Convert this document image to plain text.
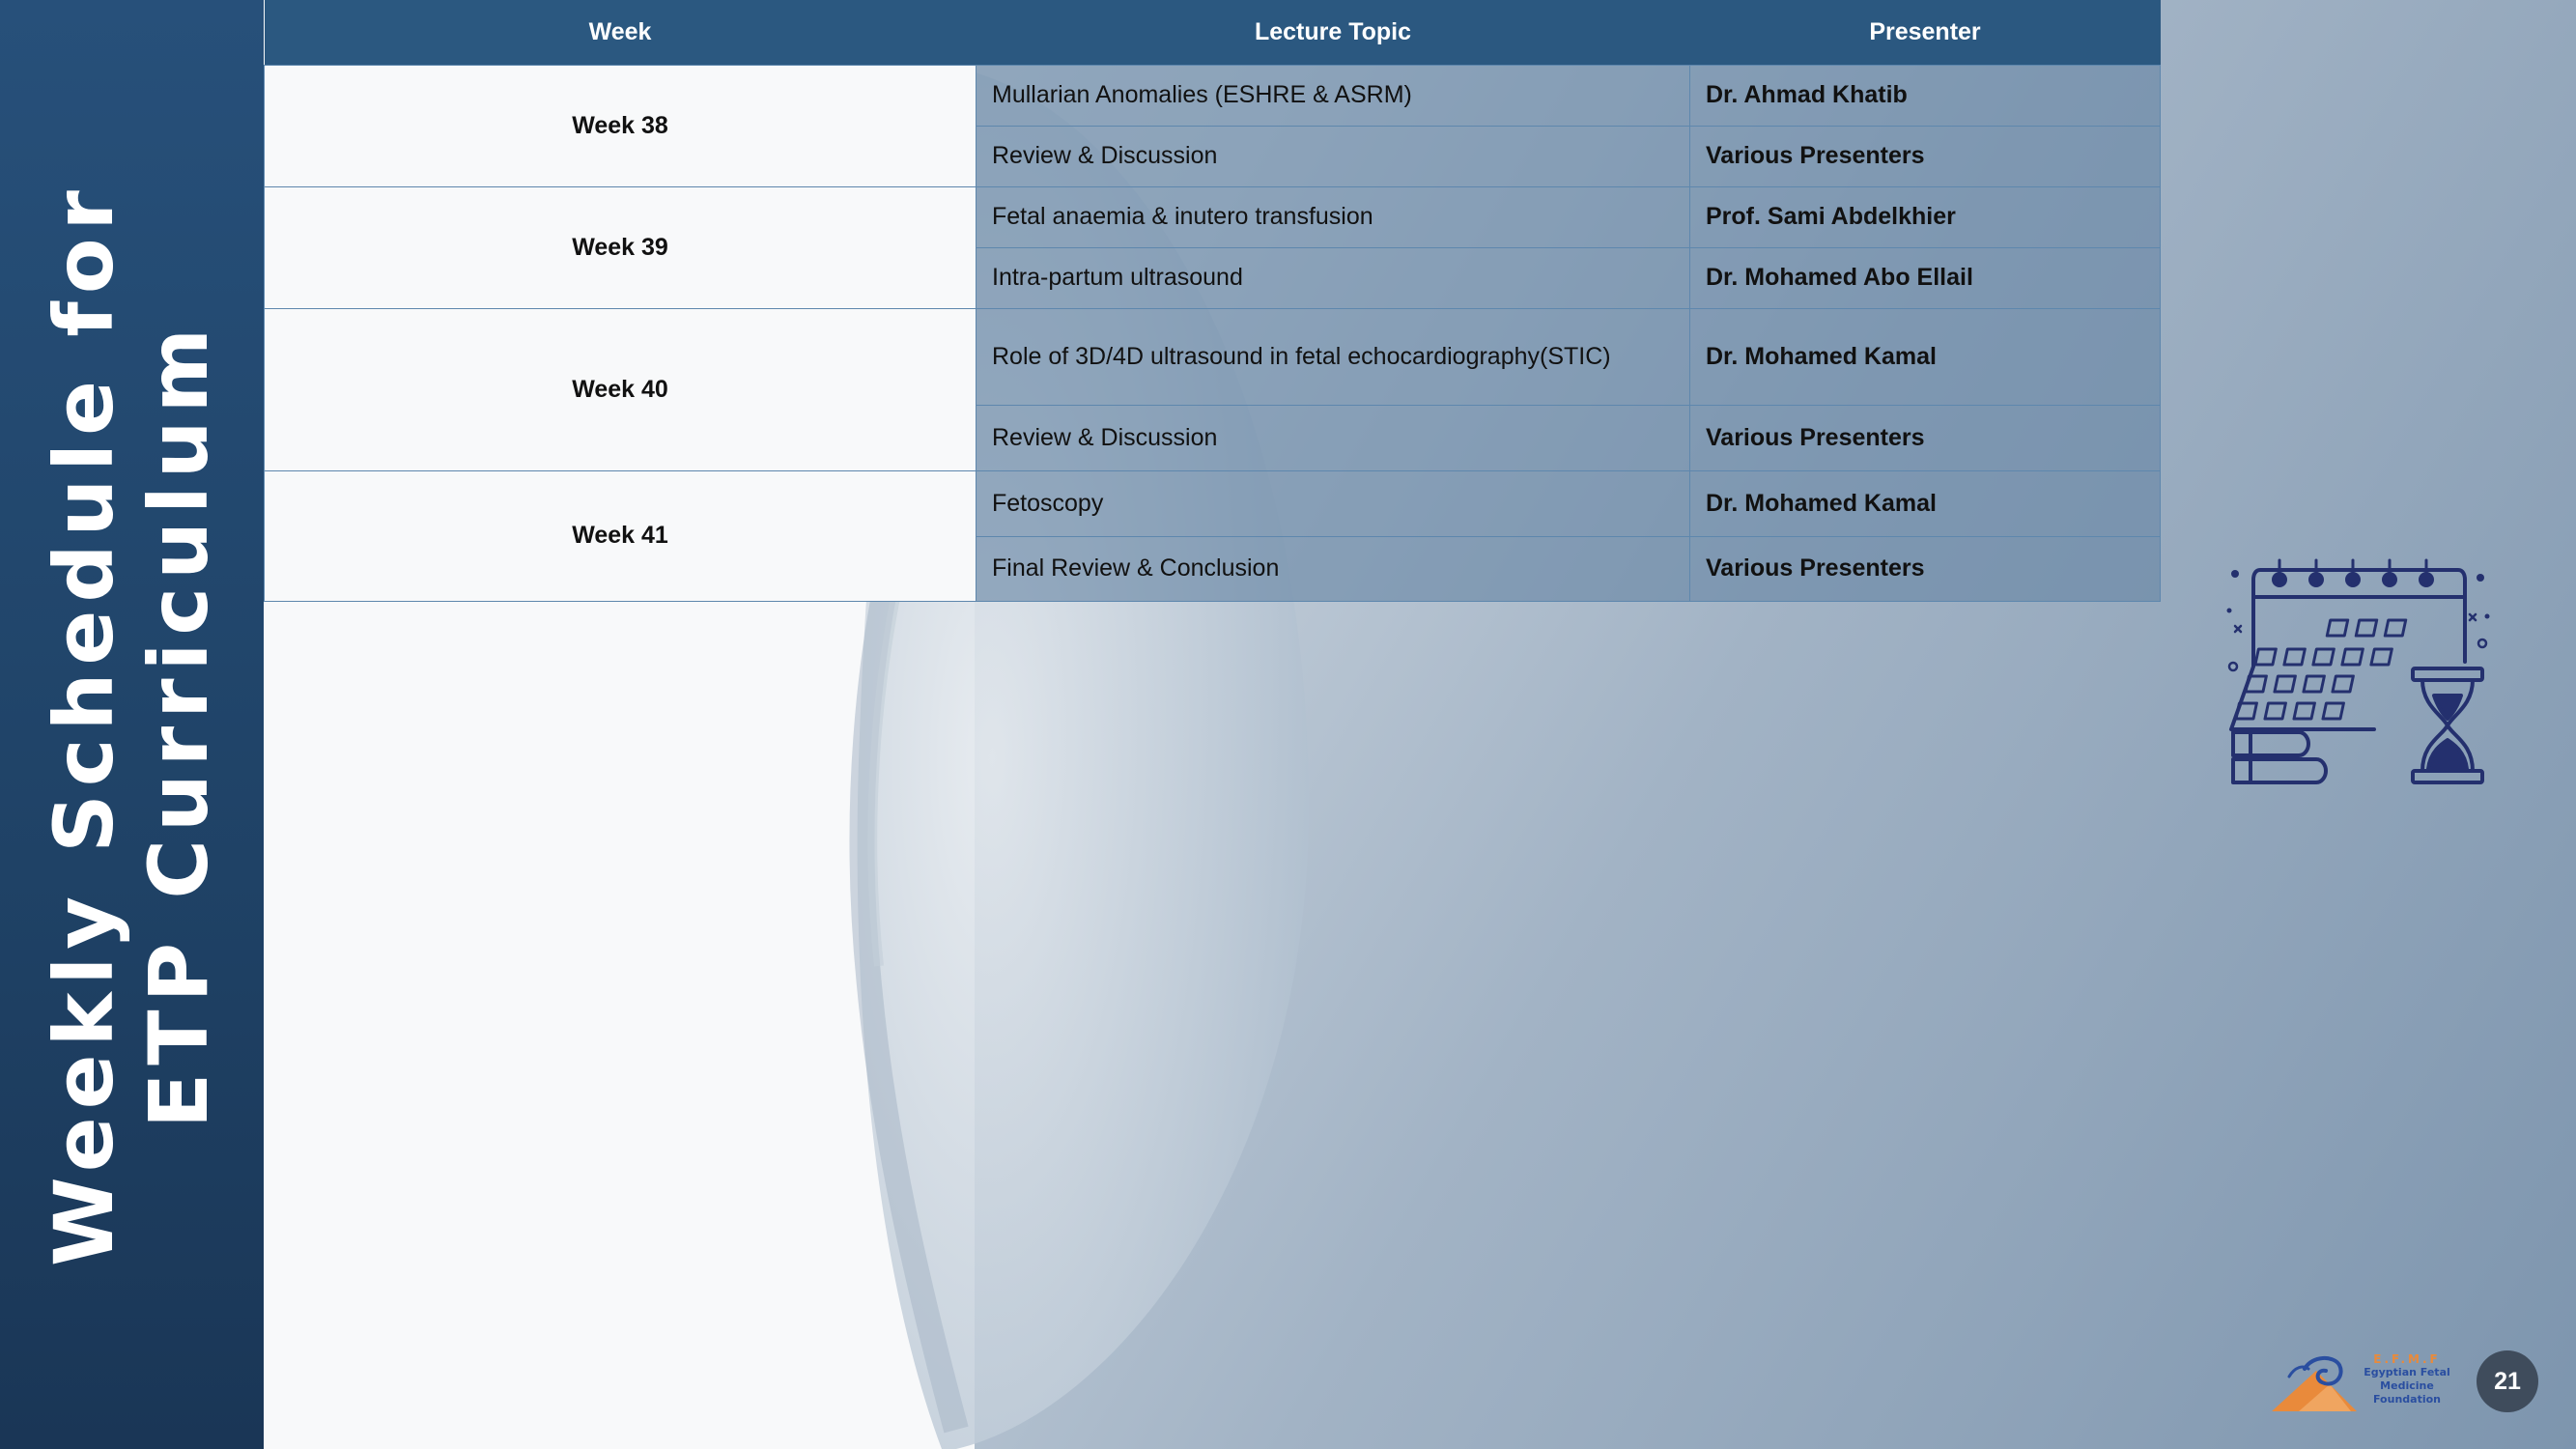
Weekly Schedule for ETP Curriculum
Week	Lecture Topic	Presenter
Week 38	Mullarian Anomalies (ESHRE & ASRM)	Dr. Ahmad Khatib
	Review & Discussion	Various Presenters
Week 39	Fetal anaemia & inutero transfusion	Prof. Sami Abdelkhier
	Intra-partum ultrasound	Dr. Mohamed Abo Ellail
Week 40	Role of 3D/4D ultrasound in fetal echocardiography(STIC)	Dr. Mohamed Kamal
	Review & Discussion	Various Presenters
Week 41	Fetoscopy	Dr. Mohamed Kamal
	Final Review & Conclusion	Various Presenters
E.F.M.F
Egyptian Fetal
Medicine Foundation
21
